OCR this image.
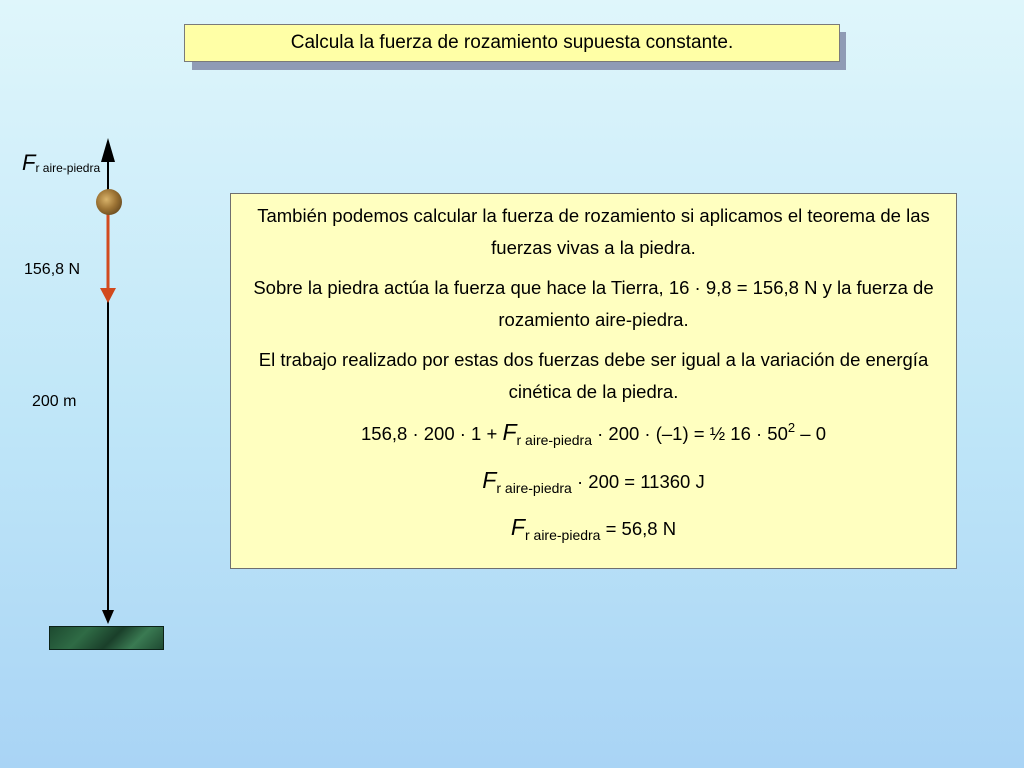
Calcula la fuerza de rozamiento supuesta constante.
$F_{r aire-piedra}$
156,8 N
200 m

También podemos calcular la fuerza de rozamiento si aplicamos el teorema de las fuerzas vivas a la piedra.

Sobre la piedra actúa la fuerza que hace la Tierra, 16 · 9,8 = 156,8 N y la fuerza de rozamiento aire-piedra.

El trabajo realizado por estas dos fuerzas debe ser igual a la variación de energía cinética de la piedra.

$156,8 \cdot 200 \cdot 1 + F_{r aire-piedra} \cdot 200 \cdot (-1)$ = ½ $16 \cdot 50^2 - 0$

$F_{r aire-piedra} \cdot 200 = 11360$ J

$F_{r aire-piedra} = 56,8$ N
